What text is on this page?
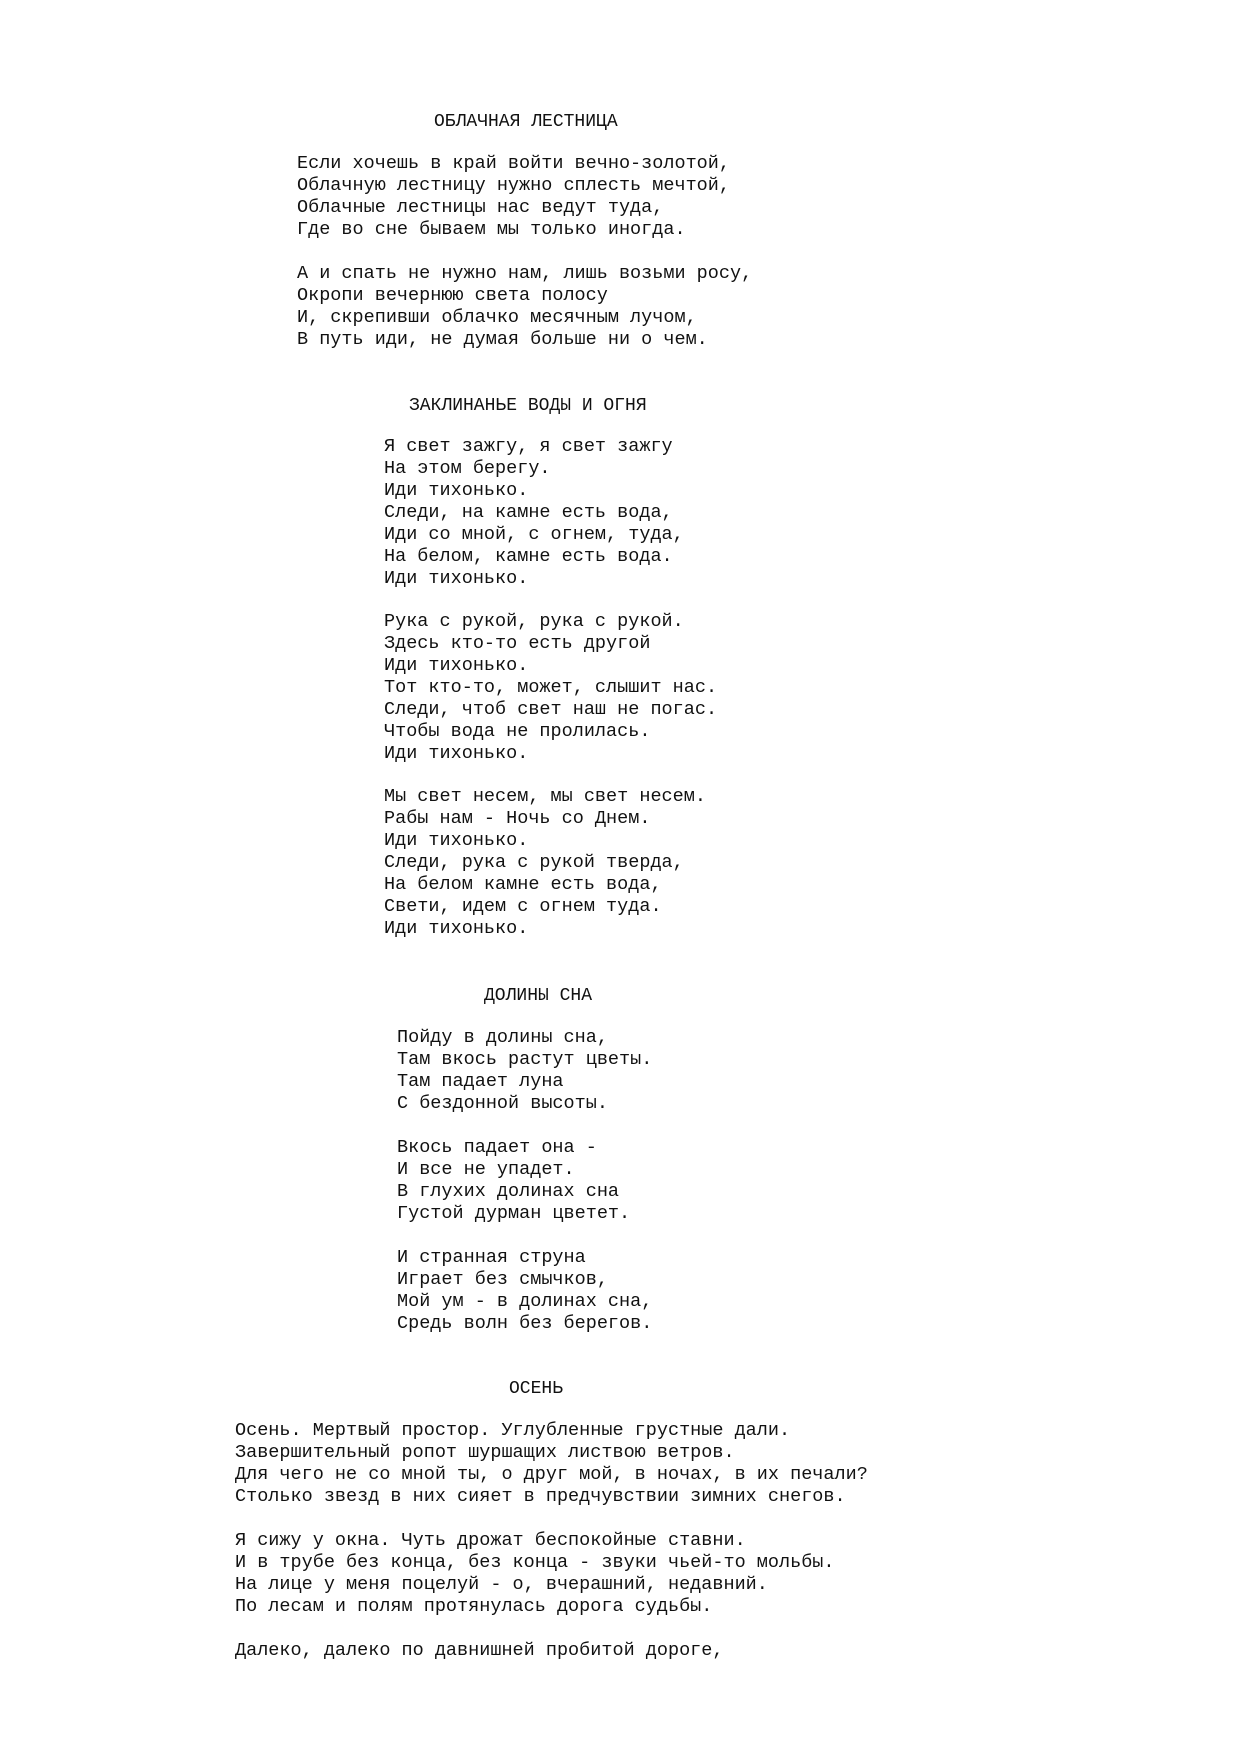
ОБЛАЧНАЯ ЛЕСТНИЦА
Если хочешь в край войти вечно-золотой,
Облачную лестницу нужно сплесть мечтой,
Облачные лестницы нас ведут туда,
Где во сне бываем мы только иногда.
А и спать не нужно нам, лишь возьми росу,
Окропи вечернюю света полосу
И, скрепивши облачко месячным лучом,
В путь иди, не думая больше ни о чем.
ЗАКЛИНАНЬЕ ВОДЫ И ОГНЯ
Я свет зажгу, я свет зажгу
На этом берегу.
Иди тихонько.
Следи, на камне есть вода,
Иди со мной, с огнем, туда,
На белом, камне есть вода.
Иди тихонько.
Рука с рукой, рука с рукой.
Здесь кто-то есть другой
Иди тихонько.
Тот кто-то, может, слышит нас.
Следи, чтоб свет наш не погас.
Чтобы вода не пролилась.
Иди тихонько.
Мы свет несем, мы свет несем.
Рабы нам - Ночь со Днем.
Иди тихонько.
Следи, рука с рукой тверда,
На белом камне есть вода,
Свети, идем с огнем туда.
Иди тихонько.
ДОЛИНЫ СНА
Пойду в долины сна,
Там вкось растут цветы.
Там падает луна
С бездонной высоты.
Вкось падает она -
И все не упадет.
В глухих долинах сна
Густой дурман цветет.
И странная струна
Играет без смычков,
Мой ум - в долинах сна,
Средь волн без берегов.
ОСЕНЬ
Осень. Мертвый простор. Углубленные грустные дали.
Завершительный ропот шуршащих листвою ветров.
Для чего не со мной ты, о друг мой, в ночах, в их печали?
Столько звезд в них сияет в предчувствии зимних снегов.
Я сижу у окна. Чуть дрожат беспокойные ставни.
И в трубе без конца, без конца - звуки чьей-то мольбы.
На лице у меня поцелуй - о, вчерашний, недавний.
По лесам и полям протянулась дорога судьбы.
Далеко, далеко по давнишней пробитой дороге,
